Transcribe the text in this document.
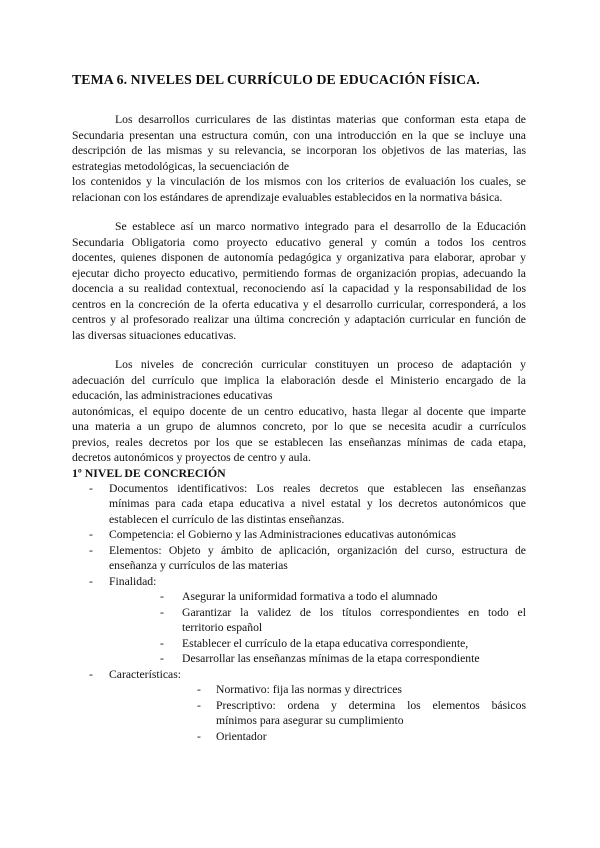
TEMA 6. NIVELES DEL CURRÍCULO DE EDUCACIÓN FÍSICA.

Los desarrollos curriculares de las distintas materias que conforman esta etapa de
Secundaria presentan una estructura común, con una introducción en la que se incluye una
descripción de las mismas y su relevancia, se incorporan los objetivos de las materias, las
estrategias metodológicas, la secuenciación de
los contenidos y la vinculación de los mismos con los criterios de evaluación los cuales, se
relacionan con los estándares de aprendizaje evaluables establecidos en la normativa básica.

Se establece así un marco normativo integrado para el desarrollo de la Educación
Secundaria Obligatoria como proyecto educativo general y común a todos los centros
docentes, quienes disponen de autonomía pedagógica y organizativa para elaborar, aprobar y
ejecutar dicho proyecto educativo, permitiendo formas de organización propias, adecuando la
docencia a su realidad contextual, reconociendo así la capacidad y la responsabilidad de los
centros en la concreción de la oferta educativa y el desarrollo curricular, corresponderá, a los
centros y al profesorado realizar una última concreción y adaptación curricular en función de
las diversas situaciones educativas.

Los niveles de concreción curricular constituyen un proceso de adaptación y
adecuación del currículo que implica la elaboración desde el Ministerio encargado de la
educación, las administraciones educativas
autonómicas, el equipo docente de un centro educativo, hasta llegar al docente que imparte
una materia a un grupo de alumnos concreto, por lo que se necesita acudir a currículos
previos, reales decretos por los que se establecen las enseñanzas mínimas de cada etapa,
decretos autonómicos y proyectos de centro y aula.

1º NIVEL DE CONCRECIÓN
- Documentos identificativos: Los reales decretos que establecen las enseñanzas
mínimas para cada etapa educativa a nivel estatal y los decretos autonómicos que
establecen el currículo de las distintas enseñanzas.
- Competencia: el Gobierno y las Administraciones educativas autonómicas
- Elementos: Objeto y ámbito de aplicación, organización del curso, estructura de
enseñanza y currículos de las materias
- Finalidad:
- Asegurar la uniformidad formativa a todo el alumnado
- Garantizar la validez de los títulos correspondientes en todo el
territorio español
- Establecer el currículo de la etapa educativa correspondiente,
- Desarrollar las enseñanzas mínimas de la etapa correspondiente
- Características:
- Normativo: fija las normas y directrices
- Prescriptivo: ordena y determina los elementos básicos
mínimos para asegurar su cumplimiento
- Orientador
